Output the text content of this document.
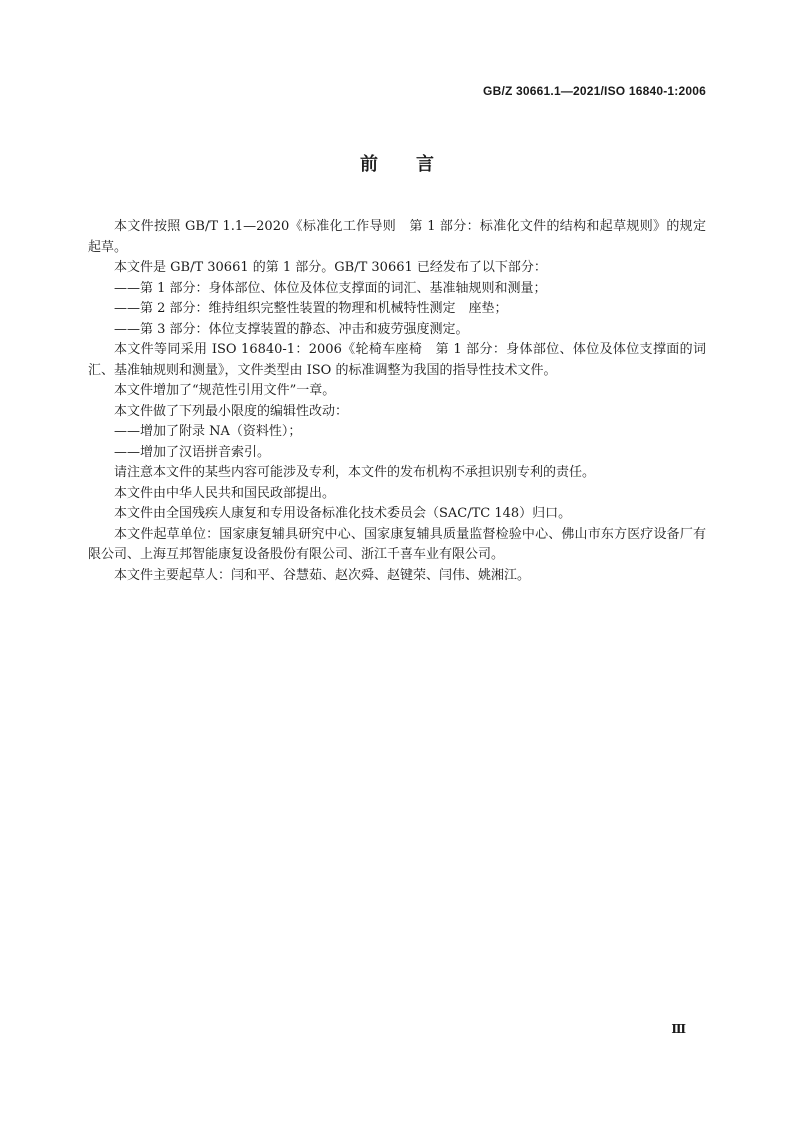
GB/Z 30661.1—2021/ISO 16840-1:2006
前言

本文件按照 GB/T 1.1—2020《标准化工作导则　第 1 部分：标准化文件的结构和起草规则》的规定起草。

本文件是 GB/T 30661 的第 1 部分。GB/T 30661 已经发布了以下部分：

——第 1 部分：身体部位、体位及体位支撑面的词汇、基准轴规则和测量；

——第 2 部分：维持组织完整性装置的物理和机械特性测定　座垫；

——第 3 部分：体位支撑装置的静态、冲击和疲劳强度测定。

本文件等同采用 ISO 16840-1：2006《轮椅车座椅　第 1 部分：身体部位、体位及体位支撑面的词汇、基准轴规则和测量》，文件类型由 ISO 的标准调整为我国的指导性技术文件。

本文件增加了“规范性引用文件”一章。

本文件做了下列最小限度的编辑性改动：

——增加了附录 NA（资料性）；

——增加了汉语拼音索引。

请注意本文件的某些内容可能涉及专利，本文件的发布机构不承担识别专利的责任。

本文件由中华人民共和国民政部提出。

本文件由全国残疾人康复和专用设备标准化技术委员会（SAC/TC 148）归口。

本文件起草单位：国家康复辅具研究中心、国家康复辅具质量监督检验中心、佛山市东方医疗设备厂有限公司、上海互邦智能康复设备股份有限公司、浙江千喜车业有限公司。

本文件主要起草人：闫和平、谷慧茹、赵次舜、赵键荣、闫伟、姚湘江。

Ⅲ
